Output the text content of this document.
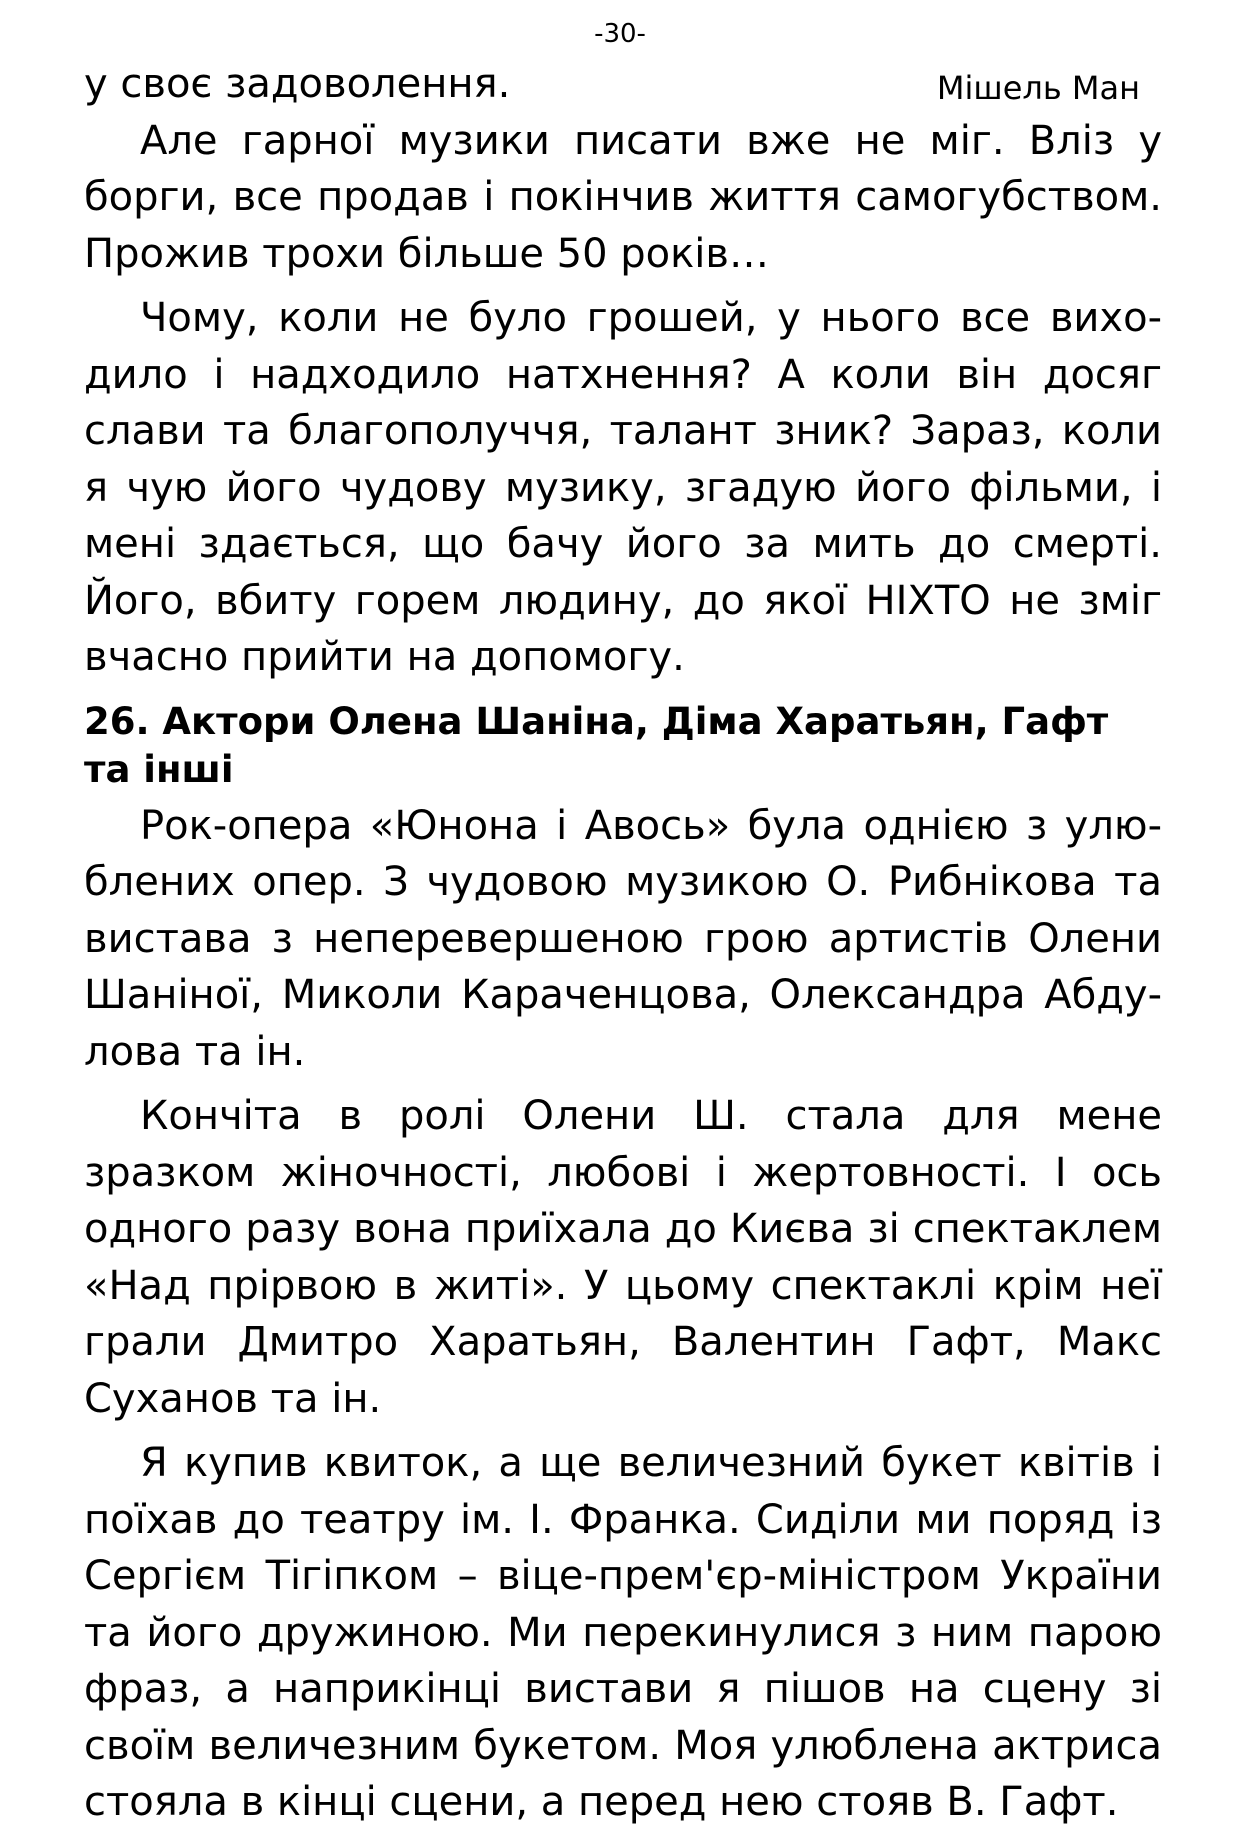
-30-
у своє задоволення.	Мішель Ман

Але гарної музики писати вже не міг. Вліз у борги, все продав і покінчив життя самогубством. Прожив трохи більше 50 років…

Чому, коли не було грошей, у нього все виходило і надходило натхнення? А коли він досяг слави та благополуччя, талант зник? Зараз, коли я чую його чудову музику, згадую його фільми, і мені здається, що бачу його за мить до смерті. Його, вбиту горем людину, до якої НІХТО не зміг вчасно прийти на допомогу.

26. Актори Олена Шаніна, Діма Харатьян, Гафт та інші

Рок-опера «Юнона і Авось» була однією з улюблених опер. З чудовою музикою О. Рибнікова та вистава з неперевершеною грою артистів Олени Шаніної, Миколи Караченцова, Олександра Абдулова та ін.

Кончіта в ролі Олени Ш. стала для мене зразком жіночності, любові і жертовності. І ось одного разу вона приїхала до Києва зі спектаклем «Над прірвою в житі». У цьому спектаклі крім неї грали Дмитро Харатьян, Валентин Гафт, Макс Суханов та ін.

Я купив квиток, а ще величезний букет квітів і поїхав до театру ім. І. Франка. Сиділи ми поряд із Сергієм Тігіпком – віце-прем'єр-міністром України та його дружиною. Ми перекинулися з ним парою фраз, а наприкінці вистави я пішов на сцену зі своїм величезним букетом. Моя улюблена актриса стояла в кінці сцени, а перед нею стояв В. Гафт.
